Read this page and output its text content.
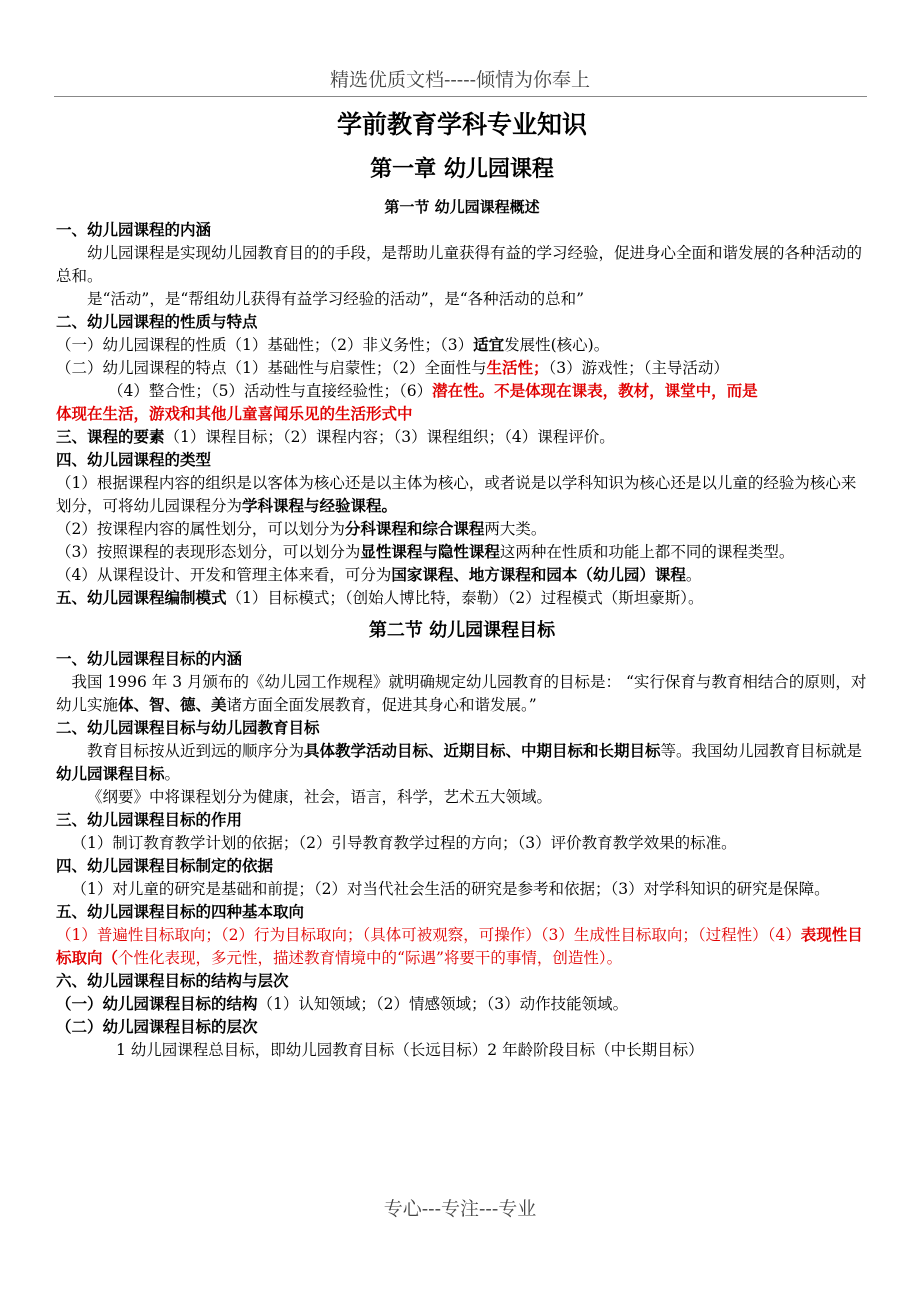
精选优质文档-----倾情为你奉上
学前教育学科专业知识
第一章 幼儿园课程
第一节 幼儿园课程概述
一、幼儿园课程的内涵
幼儿园课程是实现幼儿园教育目的的手段，是帮助儿童获得有益的学习经验，促进身心全面和谐发展的各种活动的总和。
是“活动”，是“帮组幼儿获得有益学习经验的活动”，是“各种活动的总和”
二、幼儿园课程的性质与特点
（一）幼儿园课程的性质（1）基础性；（2）非义务性；（3）适宜发展性(核心)。
（二）幼儿园课程的特点（1）基础性与启蒙性；（2）全面性与生活性；（3）游戏性；（主导活动）
（4）整合性；（5）活动性与直接经验性；（6）潜在性。不是体现在课表，教材，课堂中，而是
体现在生活，游戏和其他儿童喜闻乐见的生活形式中
三、课程的要素（1）课程目标；（2）课程内容；（3）课程组织；（4）课程评价。
四、幼儿园课程的类型
（1）根据课程内容的组织是以客体为核心还是以主体为核心，或者说是以学科知识为核心还是以儿童的经验为核心来划分，可将幼儿园课程分为学科课程与经验课程。
（2）按课程内容的属性划分，可以划分为分科课程和综合课程两大类。
（3）按照课程的表现形态划分，可以划分为显性课程与隐性课程这两种在性质和功能上都不同的课程类型。
（4）从课程设计、开发和管理主体来看，可分为国家课程、地方课程和园本（幼儿园）课程。
五、幼儿园课程编制模式（1）目标模式；（创始人博比特，泰勒）（2）过程模式（斯坦豪斯）。
第二节 幼儿园课程目标
一、幼儿园课程目标的内涵
我国 1996 年 3 月颁布的《幼儿园工作规程》就明确规定幼儿园教育的目标是： “实行保育与教育相结合的原则，对幼儿实施体、智、德、美诸方面全面发展教育，促进其身心和谐发展。”
二、幼儿园课程目标与幼儿园教育目标
教育目标按从近到远的顺序分为具体教学活动目标、近期目标、中期目标和长期目标等。我国幼儿园教育目标就是幼儿园课程目标。
《纲要》中将课程划分为健康，社会，语言，科学，艺术五大领域。
三、幼儿园课程目标的作用
（1）制订教育教学计划的依据；（2）引导教育教学过程的方向；（3）评价教育教学效果的标准。
四、幼儿园课程目标制定的依据
（1）对儿童的研究是基础和前提；（2）对当代社会生活的研究是参考和依据；（3）对学科知识的研究是保障。
五、幼儿园课程目标的四种基本取向
（1）普遍性目标取向；（2）行为目标取向；（具体可被观察，可操作）（3）生成性目标取向；（过程性）（4）表现性目标取向（个性化表现，多元性，描述教育情境中的“际遇”将要干的事情，创造性）。
六、幼儿园课程目标的结构与层次
（一）幼儿园课程目标的结构（1）认知领域；（2）情感领域；（3）动作技能领域。
（二）幼儿园课程目标的层次
1 幼儿园课程总目标，即幼儿园教育目标（长远目标）2 年龄阶段目标（中长期目标）
专心---专注---专业
